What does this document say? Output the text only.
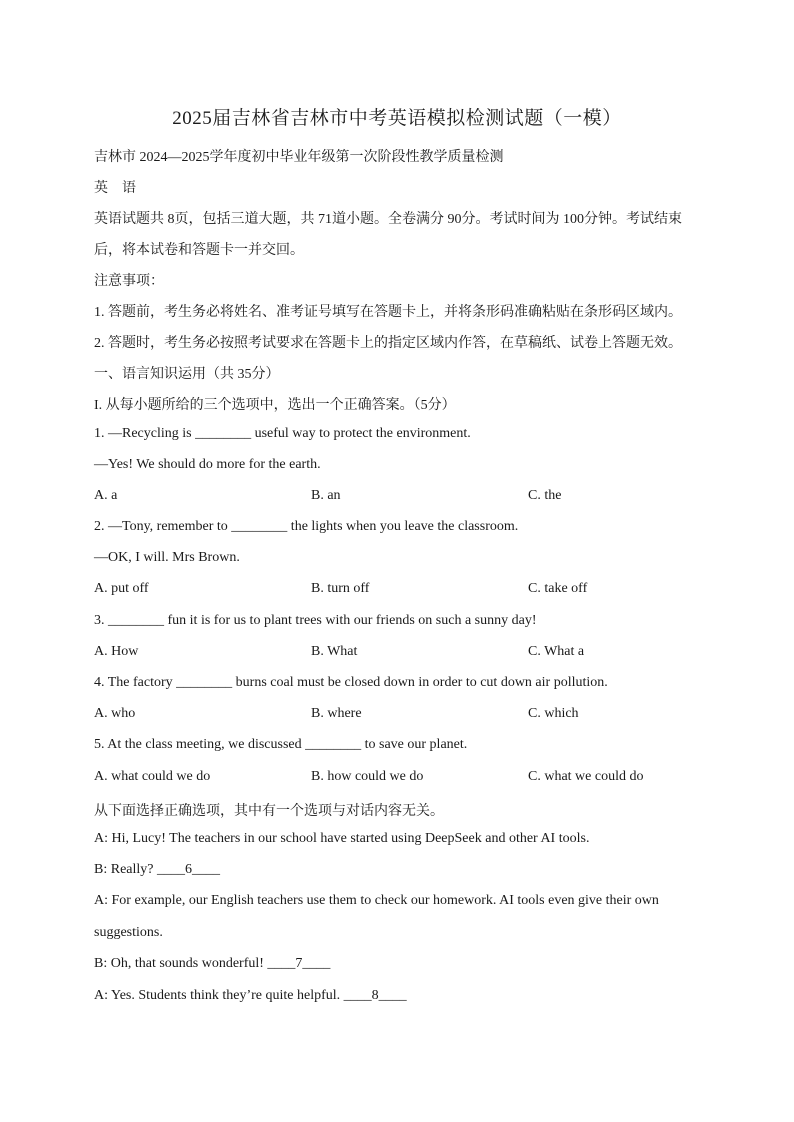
2025届吉林省吉林市中考英语模拟检测试题（一模）
吉林市 2024—2025学年度初中毕业年级第一次阶段性教学质量检测
英　语
英语试题共 8页，包括三道大题，共 71道小题。全卷满分 90分。考试时间为 100分钟。考试结束
后，将本试卷和答题卡一并交回。
注意事项：
1. 答题前，考生务必将姓名、准考证号填写在答题卡上，并将条形码准确粘贴在条形码区域内。
2. 答题时，考生务必按照考试要求在答题卡上的指定区域内作答，在草稿纸、试卷上答题无效。
一、语言知识运用（共 35分）
I. 从每小题所给的三个选项中，选出一个正确答案。（5分）
1. —Recycling is ________ useful way to protect the environment.
—Yes! We should do more for the earth.
A. a	B. an	C. the
2. —Tony, remember to ________ the lights when you leave the classroom.
—OK, I will. Mrs Brown.
A. put off	B. turn off	C. take off
3. ________ fun it is for us to plant trees with our friends on such a sunny day!
A. How	B. What	C. What a
4. The factory ________ burns coal must be closed down in order to cut down air pollution.
A. who	B. where	C. which
5. At the class meeting, we discussed ________ to save our planet.
A. what could we do	B. how could we do	C. what we could do
从下面选择正确选项，其中有一个选项与对话内容无关。
A: Hi, Lucy! The teachers in our school have started using DeepSeek and other AI tools.
B: Really? ____6____
A: For example, our English teachers use them to check our homework. AI tools even give their own
suggestions.
B: Oh, that sounds wonderful! ____7____
A: Yes. Students think they’re quite helpful. ____8____
